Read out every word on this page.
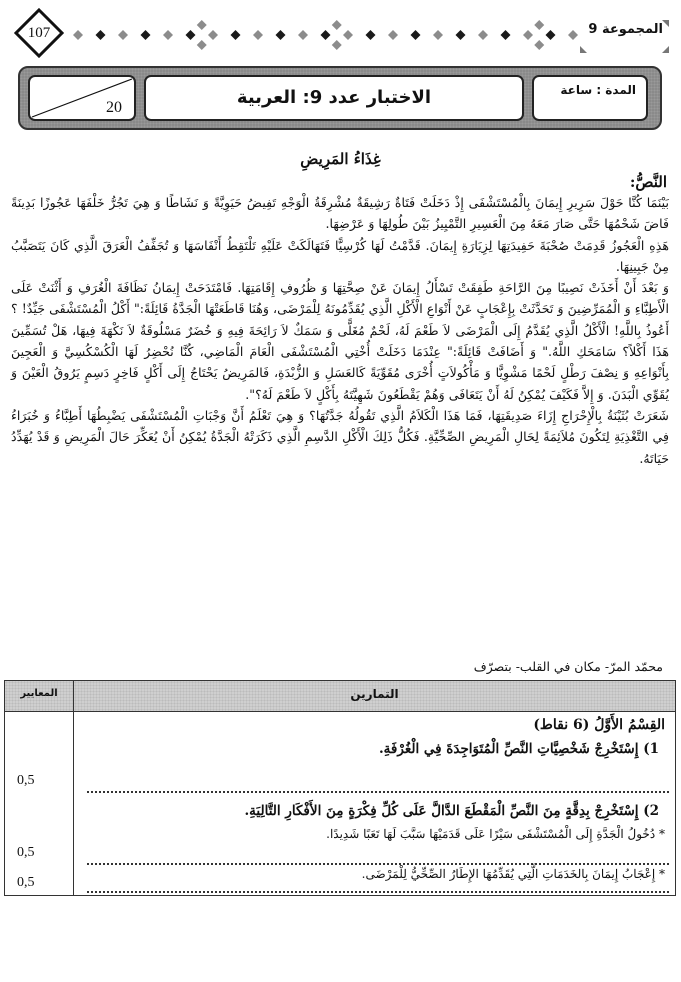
107	المجموعة 9
20	الاختبار عدد 9: العربية	المدة : ساعة
غِذَاءُ المَرِيضِ
النَّصُّ:

بَيْنَمَا كُنَّا حَوْلَ سَرِيرِ إِيمَانَ بِالْمُسْتَشْفَى إِذْ دَخَلَتْ فَتَاةٌ رَشِيقَةٌ مُشْرِقَةُ الْوَجْهِ تَفِيضُ حَيَوِيَّةً وَ نَشَاطًا وَ هِيَ تَجُرُّ خَلْفَهَا عَجُوزًا بَدِينَةً فَاضَ شَحْمُهَا حَتَّى صَارَ مَعَهُ مِنَ الْعَسِيرِ التَّمْيِيزُ بَيْنَ طُولِهَا وَ عَرْضِهَا.

هَذِهِ الْعَجُوزُ قَدِمَتْ صُحْبَةَ حَفِيدَتِهَا لِزِيَارَةِ إِيمَانَ. قَدَّمْتُ لَهَا كُرْسِيًّا فَتَهَالَكَتْ عَلَيْهِ تَلْتَقِطُ أَنْفَاسَهَا وَ تُجَفِّفُ الْعَرَقَ الَّذِي كَانَ يَتَصَبَّبُ مِنْ جَبِينِهَا.

وَ بَعْدَ أَنْ أَخَذَتْ نَصِيبًا مِنَ الرَّاحَةِ طَفِقَتْ تَسْأَلُ إِيمَانَ عَنْ صِحَّتِهَا وَ ظُرُوفِ إِقَامَتِهَا. فَامْتَدَحَتْ إِيمَانُ نَظَافَةَ الْغُرَفِ وَ أَثْنَتْ عَلَى الْأَطِبَّاءِ وَ الْمُمَرِّضِينَ وَ تَحَدَّثَتْ بِإِعْجَابٍ عَنْ أَنْوَاعِ الْأَكْلِ الَّذِي يُقَدِّمُونَهُ لِلْمَرْضَى، وَهُنَا قَاطَعَتْهَا الْجَدَّةُ قَائِلَةً:" أَكْلُ الْمُسْتَشْفَى جَيِّدٌ! ؟أَعُوذُ بِاللَّهِ! الْأَكْلُ الَّذِي يُقَدَّمُ إِلَى الْمَرْضَى لاَ طَعْمَ لَهُ، لَحْمٌ مُغَلًّى وَ سَمَكٌ لاَ رَائِحَةَ فِيهِ وَ خُضَرٌ مَسْلُوقَةٌ لاَ نَكْهَةَ فِيهَا، هَلْ تُسَمِّينَ هَذَا أَكْلاً؟ سَامَحَكِ اللَّهُ." وَ أَضَافَتْ قَائِلَةً:" عِنْدَمَا دَخَلَتْ أُخْتِي الْمُسْتَشْفَى الْعَامَ الْمَاضِي، كُنَّا نُحْضِرُ لَهَا الْكُسْكُسِيَّ وَ الْعَجِينَ بِأَنْوَاعِهِ وَ نِصْفَ رَطْلٍ لَحْمًا مَشْوِيًّا وَ مَأْكُولاَتٍ أُخْرَى مُقَوِّيَةً كَالعَسَلِ وَ الزُّبْدَةِ، فَالمَرِيضُ يَحْتَاجُ إِلَى أَكْلٍ فَاخِرٍ دَسِمٍ يَرُوقُ الْعَيْنَ وَ يُقَوِّي الْبَدَنَ. وَ إِلاَّ فَكَيْفَ يُمْكِنُ لَهُ أَنْ يَتَعَافَى وَهُمْ يَقْطَعُونَ شَهِيَّتَهُ بِأَكْلٍ لاَ طَعْمَ لَهُ؟".

شَعَرَتْ بُثَيْنَةُ بِالْإِحْرَاجِ إِزَاءَ صَدِيقَتِهَا، فَمَا هَذَا الْكَلاَمُ الَّذِي تَقُولُهُ جَدَّتُهَا؟ وَ هِيَ تَعْلَمُ أَنَّ وَجْبَاتِ الْمُسْتَشْفَى يَضْبِطُهَا أَطِبَّاءُ وَ خُبَرَاءُ فِي التَّغْذِيَةِ لِتَكُونَ مُلاَئِمَةً لِحَالِ الْمَرِيضِ الصِّحِّيَّةِ. فَكُلُّ ذَلِكَ الْأَكْلِ الدَّسِمِ الَّذِي ذَكَرَتْهُ الْجَدَّةُ يُمْكِنُ أَنْ يُعَكِّرَ حَالَ الْمَرِيضِ وَ قَدْ يُهَدِّدُ حَيَاتَهُ.

محمّد المرّ- مكان في القلب- بتصرّف
المعايير	التمارين
القِسْمُ الأَوَّلُ (6 نقاط)
1) إِسْتَخْرِجْ شَخْصِيَّاتِ النَّصِّ الْمُتَوَاجِدَةَ فِي الْغُرْفَةِ.
0,5
2) إِسْتَخْرِجْ بِدِقَّةٍ مِنَ النَّصِّ الْمَقْطَعَ الدَّالَّ عَلَى كُلِّ فِكْرَةٍ مِنَ الأَفْكَارِ التَّالِيَةِ.
* دُخُولُ الْجَدَّةِ إِلَى الْمُسْتَشْفَى سَيْرًا عَلَى قَدَمَيْهَا سَبَّبَ لَهَا تَعَبًا شَدِيدًا.
0,5
* إِعْجَابُ إِيمَانَ بِالخَدَمَاتِ الَّتِي يُقَدِّمُهَا الإِطَارُ الصِّحِّيُّ لِلْمَرْضَى.
0,5
